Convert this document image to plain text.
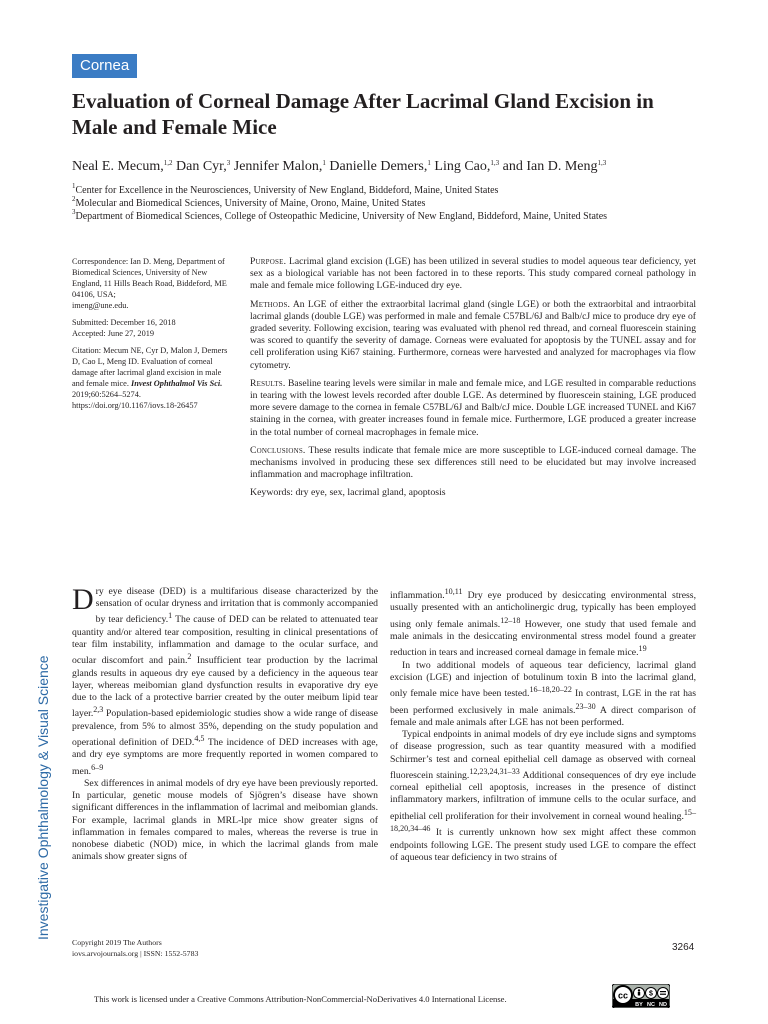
Cornea
Evaluation of Corneal Damage After Lacrimal Gland Excision in Male and Female Mice
Neal E. Mecum,$^{1,2}$ Dan Cyr,$^3$ Jennifer Malon,$^1$ Danielle Demers,$^1$ Ling Cao,$^{1,3}$ and Ian D. Meng$^{1,3}$
$^1$Center for Excellence in the Neurosciences, University of New England, Biddeford, Maine, United States
$^2$Molecular and Biomedical Sciences, University of Maine, Orono, Maine, United States
$^3$Department of Biomedical Sciences, College of Osteopathic Medicine, University of New England, Biddeford, Maine, United States

Correspondence: Ian D. Meng, Department of Biomedical Sciences, University of New England, 11 Hills Beach Road, Biddeford, ME 04106, USA;
imeng@une.edu.

Submitted: December 16, 2018
Accepted: June 27, 2019

Citation: Mecum NE, Cyr D, Malon J, Demers D, Cao L, Meng ID. Evaluation of corneal damage after lacrimal gland excision in male and female mice. Invest Ophthalmol Vis Sci. 2019;60:5264–5274. https://doi.org/10.1167/iovs.18-26457

Purpose. Lacrimal gland excision (LGE) has been utilized in several studies to model aqueous tear deficiency, yet sex as a biological variable has not been factored in to these reports. This study compared corneal pathology in male and female mice following LGE-induced dry eye.

Methods. An LGE of either the extraorbital lacrimal gland (single LGE) or both the extraorbital and intraorbital lacrimal glands (double LGE) was performed in male and female C57BL/6J and Balb/cJ mice to produce dry eye of graded severity. Following excision, tearing was evaluated with phenol red thread, and corneal fluorescein staining was scored to quantify the severity of damage. Corneas were evaluated for apoptosis by the TUNEL assay and for cell proliferation using Ki67 staining. Furthermore, corneas were harvested and analyzed for macrophages via flow cytometry.

Results. Baseline tearing levels were similar in male and female mice, and LGE resulted in comparable reductions in tearing with the lowest levels recorded after double LGE. As determined by fluorescein staining, LGE produced more severe damage to the cornea in female C57BL/6J and Balb/cJ mice. Double LGE increased TUNEL and Ki67 staining in the cornea, with greater increases found in female mice. Furthermore, LGE produced a greater increase in the total number of corneal macrophages in female mice.

Conclusions. These results indicate that female mice are more susceptible to LGE-induced corneal damage. The mechanisms involved in producing these sex differences still need to be elucidated but may involve increased inflammation and macrophage infiltration.

Keywords: dry eye, sex, lacrimal gland, apoptosis

Investigative Ophthalmology & Visual Science

Dry eye disease (DED) is a multifarious disease characterized by the sensation of ocular dryness and irritation that is commonly accompanied by tear deficiency.$^1$ The cause of DED can be related to attenuated tear quantity and/or altered tear composition, resulting in clinical presentations of tear film instability, inflammation and damage to the ocular surface, and ocular discomfort and pain.$^2$ Insufficient tear production by the lacrimal glands results in aqueous dry eye caused by a deficiency in the aqueous tear layer, whereas meibomian gland dysfunction results in evaporative dry eye due to the lack of a protective barrier created by the outer meibum lipid tear layer.$^{2,3}$ Population-based epidemiologic studies show a wide range of disease prevalence, from 5% to almost 35%, depending on the study population and operational definition of DED.$^{4,5}$ The incidence of DED increases with age, and dry eye symptoms are more frequently reported in women compared to men.$^{6-9}$

Sex differences in animal models of dry eye have been previously reported. In particular, genetic mouse models of Sjögren’s disease have shown significant differences in the inflammation of lacrimal and meibomian glands. For example, lacrimal glands in MRL-lpr mice show greater signs of inflammation in females compared to males, whereas the reverse is true in nonobese diabetic (NOD) mice, in which the lacrimal glands from male animals show greater signs of

inflammation.$^{10,11}$ Dry eye produced by desiccating environmental stress, usually presented with an anticholinergic drug, typically has been employed using only female animals.$^{12-18}$ However, one study that used female and male animals in the desiccating environmental stress model found a greater reduction in tears and increased corneal damage in female mice.$^{19}$

In two additional models of aqueous tear deficiency, lacrimal gland excision (LGE) and injection of botulinum toxin B into the lacrimal gland, only female mice have been tested.$^{16-18,20-22}$ In contrast, LGE in the rat has been performed exclusively in male animals.$^{23-30}$ A direct comparison of female and male animals after LGE has not been performed.

Typical endpoints in animal models of dry eye include signs and symptoms of disease progression, such as tear quantity measured with a modified Schirmer’s test and corneal epithelial cell damage as observed with corneal fluorescein staining.$^{12,23,24,31-33}$ Additional consequences of dry eye include corneal epithelial cell apoptosis, increases in the presence of distinct inflammatory markers, infiltration of immune cells to the ocular surface, and epithelial cell proliferation for their involvement in corneal wound healing.$^{15-18,20,34-46}$ It is currently unknown how sex might affect these common endpoints following LGE. The present study used LGE to compare the effect of aqueous tear deficiency in two strains of

Copyright 2019 The Authors
iovs.arvojournals.org | ISSN: 1552-5783	3264
This work is licensed under a Creative Commons Attribution-NonCommercial-NoDerivatives 4.0 International License.	cc	$
BY NC ND
